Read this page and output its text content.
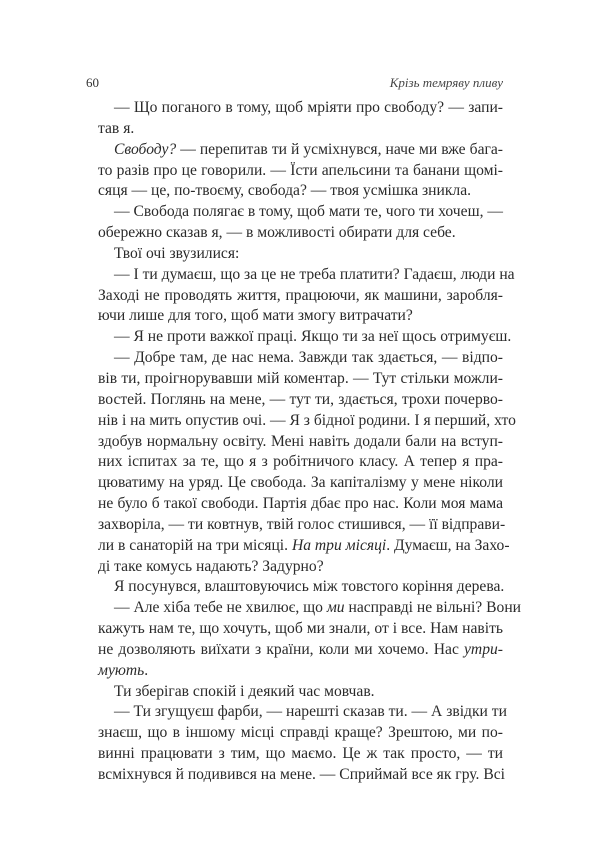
60	Крізь темряву пливу
— Що поганого в тому, щоб мріяти про свободу? — запи-
тав я.
Свободу? — перепитав ти й усміхнувся, наче ми вже бага-
то разів про це говорили. — Їсти апельсини та банани щомі-
сяця — це, по-твоєму, свобода? — твоя усмішка зникла.
— Свобода полягає в тому, щоб мати те, чого ти хочеш, —
обережно сказав я, — в можливості обирати для себе.
Твої очі звузилися:
— І ти думаєш, що за це не треба платити? Гадаєш, люди на
Заході не проводять життя, працюючи, як машини, заробля-
ючи лише для того, щоб мати змогу витрачати?
— Я не проти важкої праці. Якщо ти за неї щось отримуєш.
— Добре там, де нас нема. Завжди так здається, — відпо-
вів ти, проігнорувавши мій коментар. — Тут стільки можли-
востей. Поглянь на мене, — тут ти, здається, трохи почерво-
нів і на мить опустив очі. — Я з бідної родини. І я перший, хто
здобув нормальну освіту. Мені навіть додали бали на вступ-
них іспитах за те, що я з робітничого класу. А тепер я пра-
цюватиму на уряд. Це свобода. За капіталізму у мене ніколи
не було б такої свободи. Партія дбає про нас. Коли моя мама
захворіла, — ти ковтнув, твій голос стишився, — її відправи-
ли в санаторій на три місяці. На три місяці. Думаєш, на Захо-
ді таке комусь надають? Задурно?
Я посунувся, влаштовуючись між товстого коріння дерева.
— Але хіба тебе не хвилює, що ми насправді не вільні? Вони
кажуть нам те, що хочуть, щоб ми знали, от і все. Нам навіть
не дозволяють виїхати з країни, коли ми хочемо. Нас утри-
мують.
Ти зберігав спокій і деякий час мовчав.
— Ти згущуєш фарби, — нарешті сказав ти. — А звідки ти
знаєш, що в іншому місці справді краще? Зрештою, ми по-
винні працювати з тим, що маємо. Це ж так просто, — ти
всміхнувся й подивився на мене. — Сприймай все як гру. Всі
